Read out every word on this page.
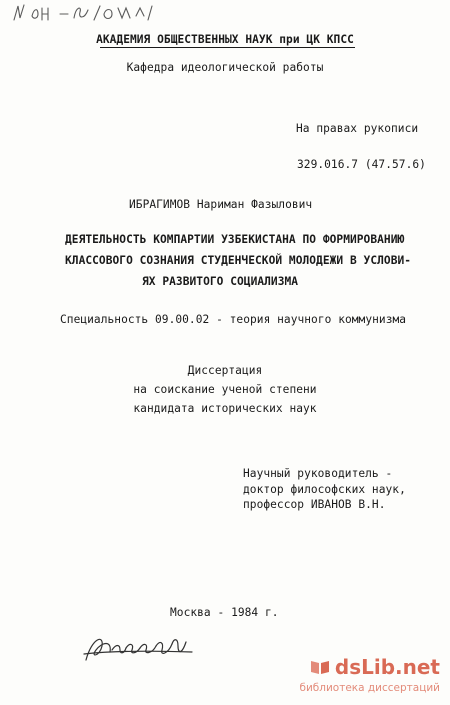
АКАДЕМИЯ ОБЩЕСТВЕННЫХ НАУК при ЦК КПСС
Кафедра идеологической работы
На правах рукописи
329.016.7 (47.57.6)
ИБРАГИМОВ Нариман Фазылович
ДЕЯТЕЛЬНОСТЬ КОМПАРТИИ УЗБЕКИСТАНА ПО ФОРМИРОВАНИЮ
КЛАССОВОГО СОЗНАНИЯ СТУДЕНЧЕСКОЙ МОЛОДЕЖИ В УСЛОВИ-
ЯХ РАЗВИТОГО СОЦИАЛИЗМА
Специальность 09.00.02 - теория научного коммунизма
Диссертация
на соискание ученой степени
кандидата исторических наук
Научный руководитель -
доктор философских наук,
профессор ИВАНОВ В.Н.
Москва - 1984 г.
dsLib.net
библиотека диссертаций
